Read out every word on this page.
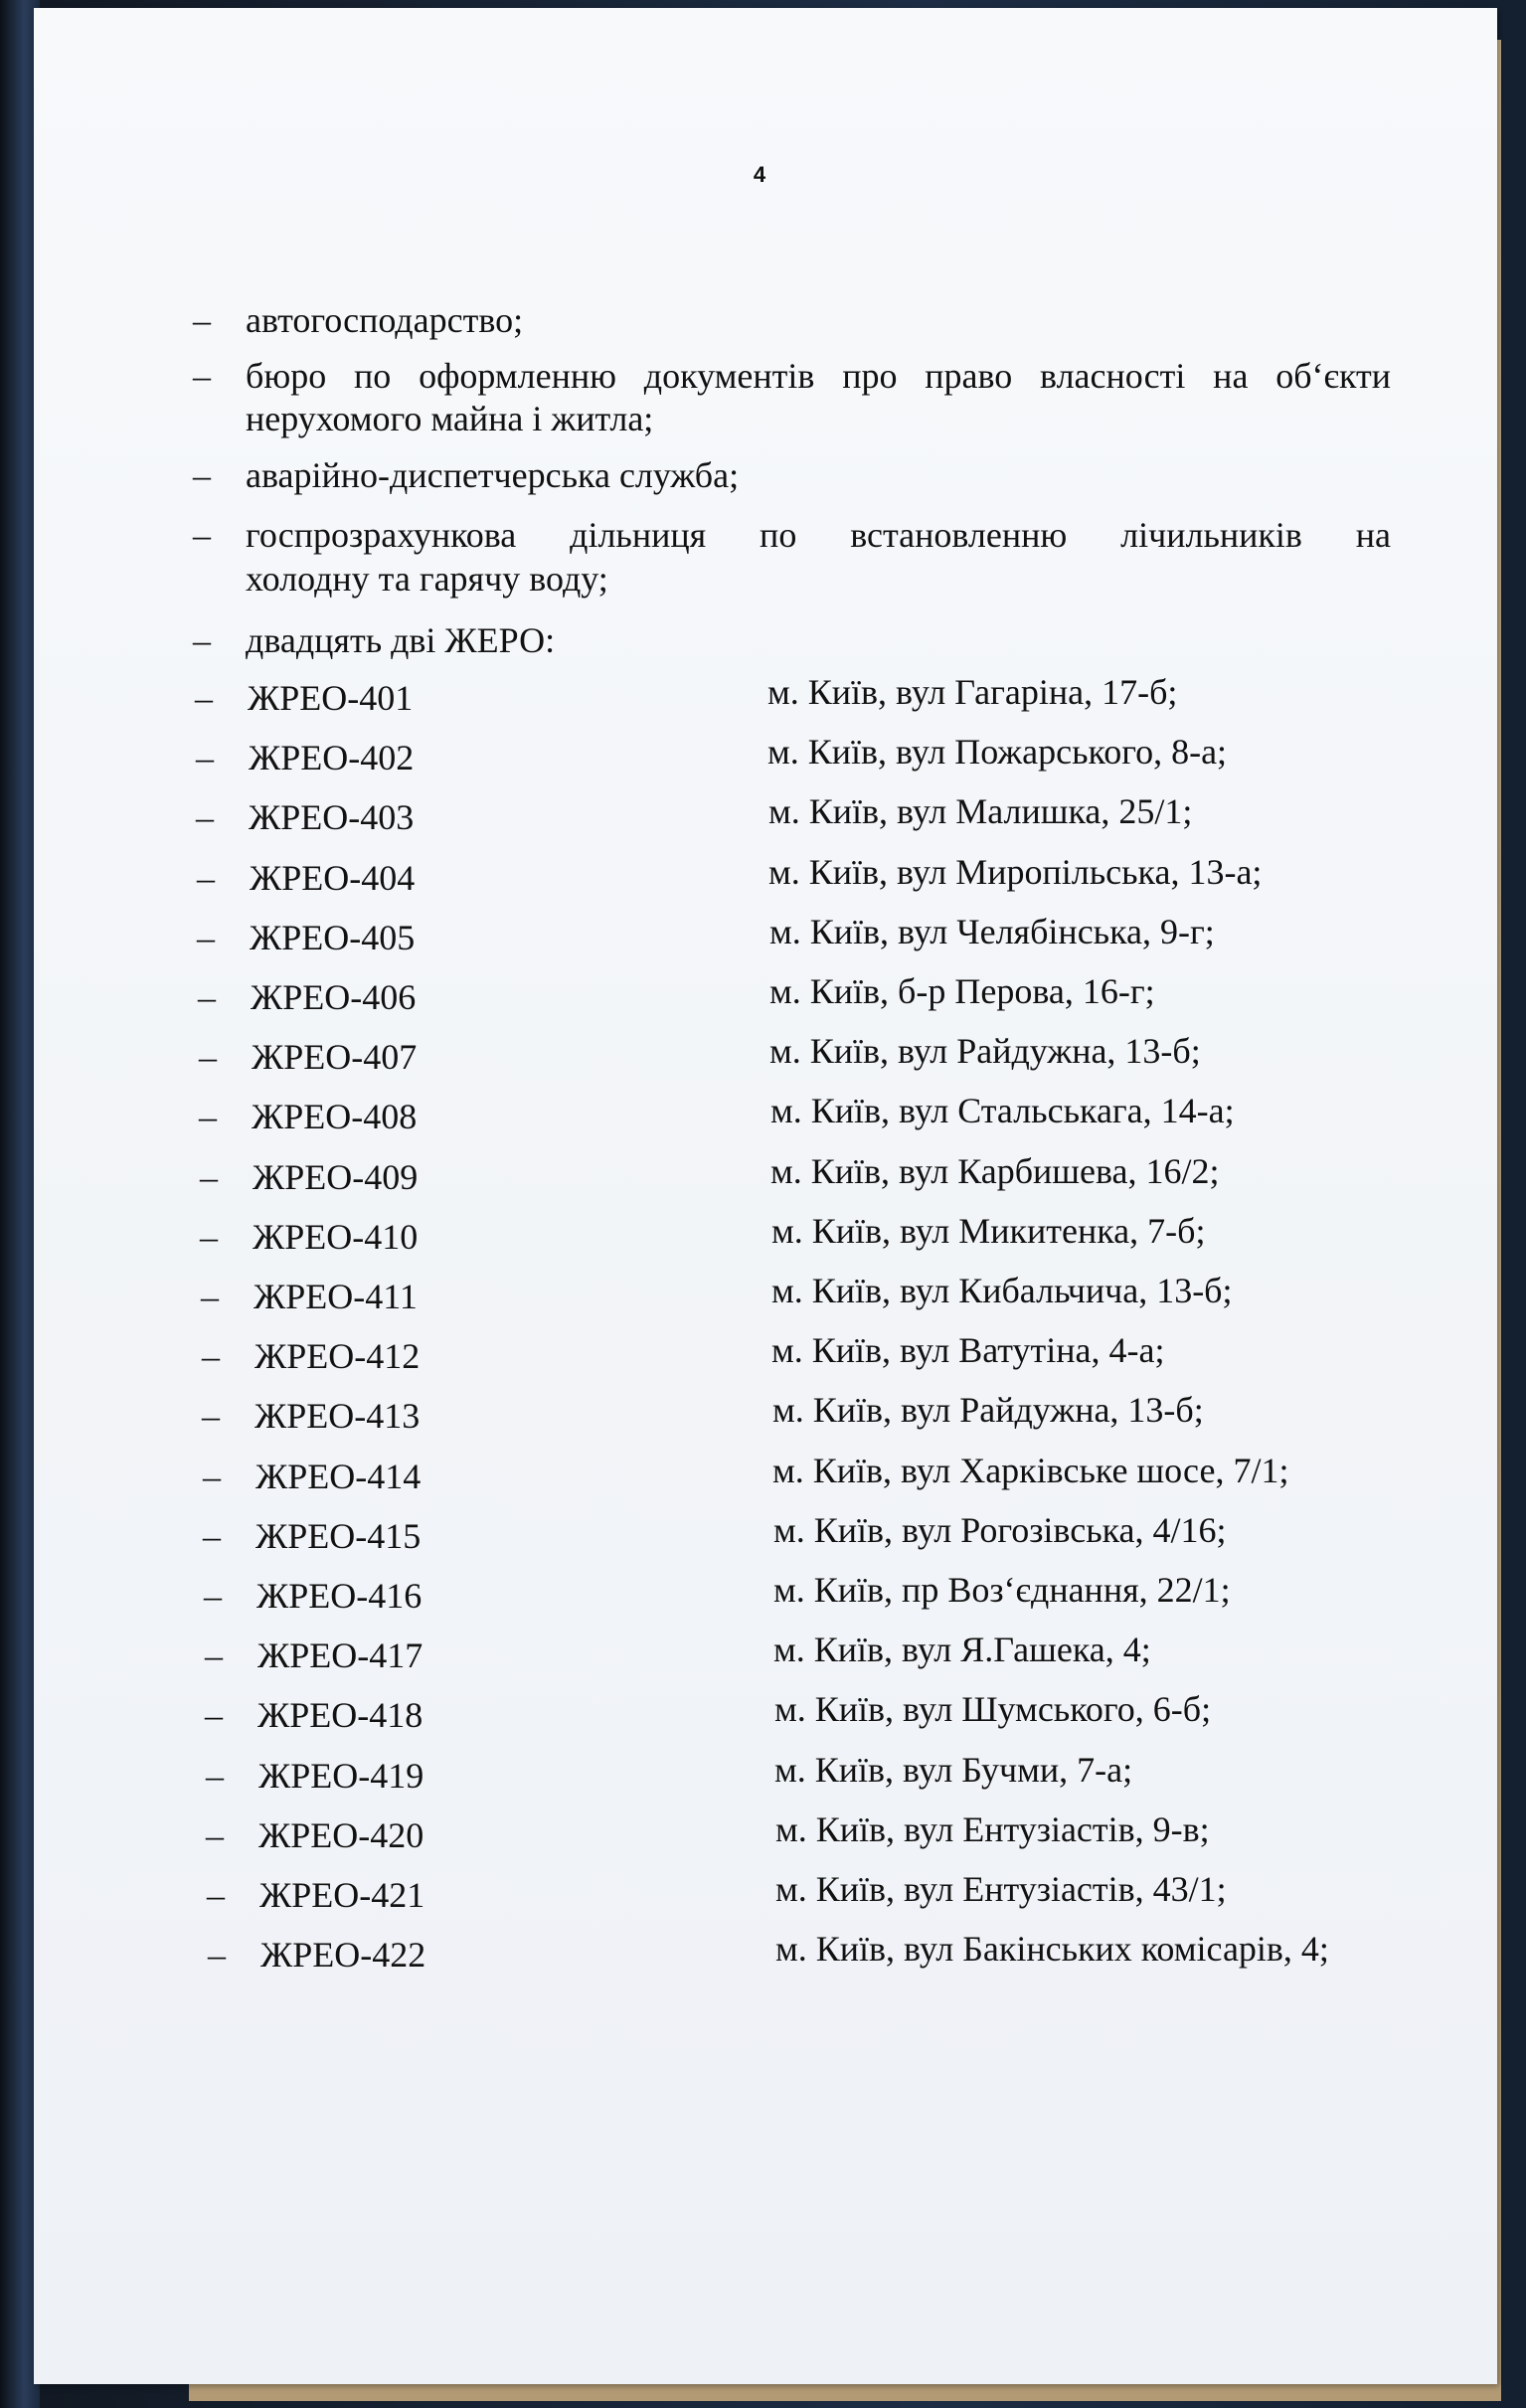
4
– автогосподарство;
– бюро по оформленню документів про право власності на об‘єкти
нерухомого майна і житла;
– аварійно-диспетчерська служба;
– госпрозрахункова дільниця по встановленню лічильників на
холодну та гарячу воду;
– двадцять дві ЖЕРО:
– ЖРЕО-401	м. Київ, вул Гагаріна, 17-б;
– ЖРЕО-402	м. Київ, вул Пожарського, 8-а;
– ЖРЕО-403	м. Київ, вул Малишка, 25/1;
– ЖРЕО-404	м. Київ, вул Миропільська, 13-а;
– ЖРЕО-405	м. Київ, вул Челябінська, 9-г;
– ЖРЕО-406	м. Київ, б-р Перова, 16-г;
– ЖРЕО-407	м. Київ, вул Райдужна, 13-б;
– ЖРЕО-408	м. Київ, вул Стальськага, 14-а;
– ЖРЕО-409	м. Київ, вул Карбишева, 16/2;
– ЖРЕО-410	м. Київ, вул Микитенка, 7-б;
– ЖРЕО-411	м. Київ, вул Кибальчича, 13-б;
– ЖРЕО-412	м. Київ, вул Ватутіна, 4-а;
– ЖРЕО-413	м. Київ, вул Райдужна, 13-б;
– ЖРЕО-414	м. Київ, вул Харківське шосе, 7/1;
– ЖРЕО-415	м. Київ, вул Рогозівська, 4/16;
– ЖРЕО-416	м. Київ, пр Воз‘єднання, 22/1;
– ЖРЕО-417	м. Київ, вул Я.Гашека, 4;
– ЖРЕО-418	м. Київ, вул Шумського, 6-б;
– ЖРЕО-419	м. Київ, вул Бучми, 7-а;
– ЖРЕО-420	м. Київ, вул Ентузіастів, 9-в;
– ЖРЕО-421	м. Київ, вул Ентузіастів, 43/1;
– ЖРЕО-422	м. Київ, вул Бакінських комісарів, 4;
